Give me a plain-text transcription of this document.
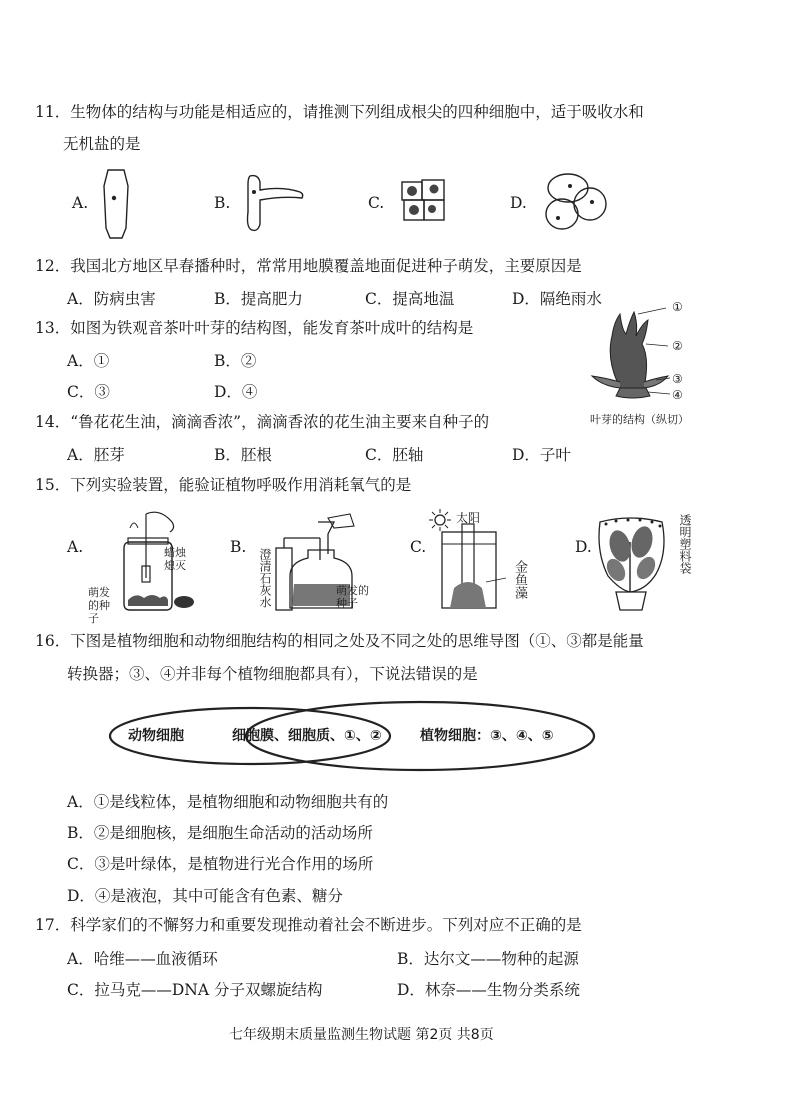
11．生物体的结构与功能是相适应的，请推测下列组成根尖的四种细胞中，适于吸收水和
无机盐的是
A.	B.	C.	D.
12．我国北方地区早春播种时，常常用地膜覆盖地面促进种子萌发，主要原因是
A．防病虫害	B．提高肥力	C．提高地温	D．隔绝雨水
13．如图为铁观音茶叶叶芽的结构图，能发育茶叶成叶的结构是
A．①	B．②
C．③	D．④
①
②
③
④
叶芽的结构（纵切）
14．“鲁花花生油，滴滴香浓”，滴滴香浓的花生油主要来自种子的
A．胚芽	B．胚根	C．胚轴	D．子叶
15．下列实验装置，能验证植物呼吸作用消耗氧气的是
A.	蜡烛熄灭
萌发的种子
B.
澄清石灰水	萌发的种子
C.
太阳
金鱼藻
D.	透明塑料袋
16．下图是植物细胞和动物细胞结构的相同之处及不同之处的思维导图（①、③都是能量
转换器；③、④并非每个植物细胞都具有），下说法错误的是
动物细胞	细胞膜、细胞质、①、②	植物细胞：③、④、⑤
A．①是线粒体，是植物细胞和动物细胞共有的
B．②是细胞核，是细胞生命活动的活动场所
C．③是叶绿体，是植物进行光合作用的场所
D．④是液泡，其中可能含有色素、糖分
17．科学家们的不懈努力和重要发现推动着社会不断进步。下列对应不正确的是
A．哈维——血液循环	B．达尔文——物种的起源
C．拉马克——DNA 分子双螺旋结构	D．林奈——生物分类系统
七年级期末质量监测生物试题 第2页 共8页
